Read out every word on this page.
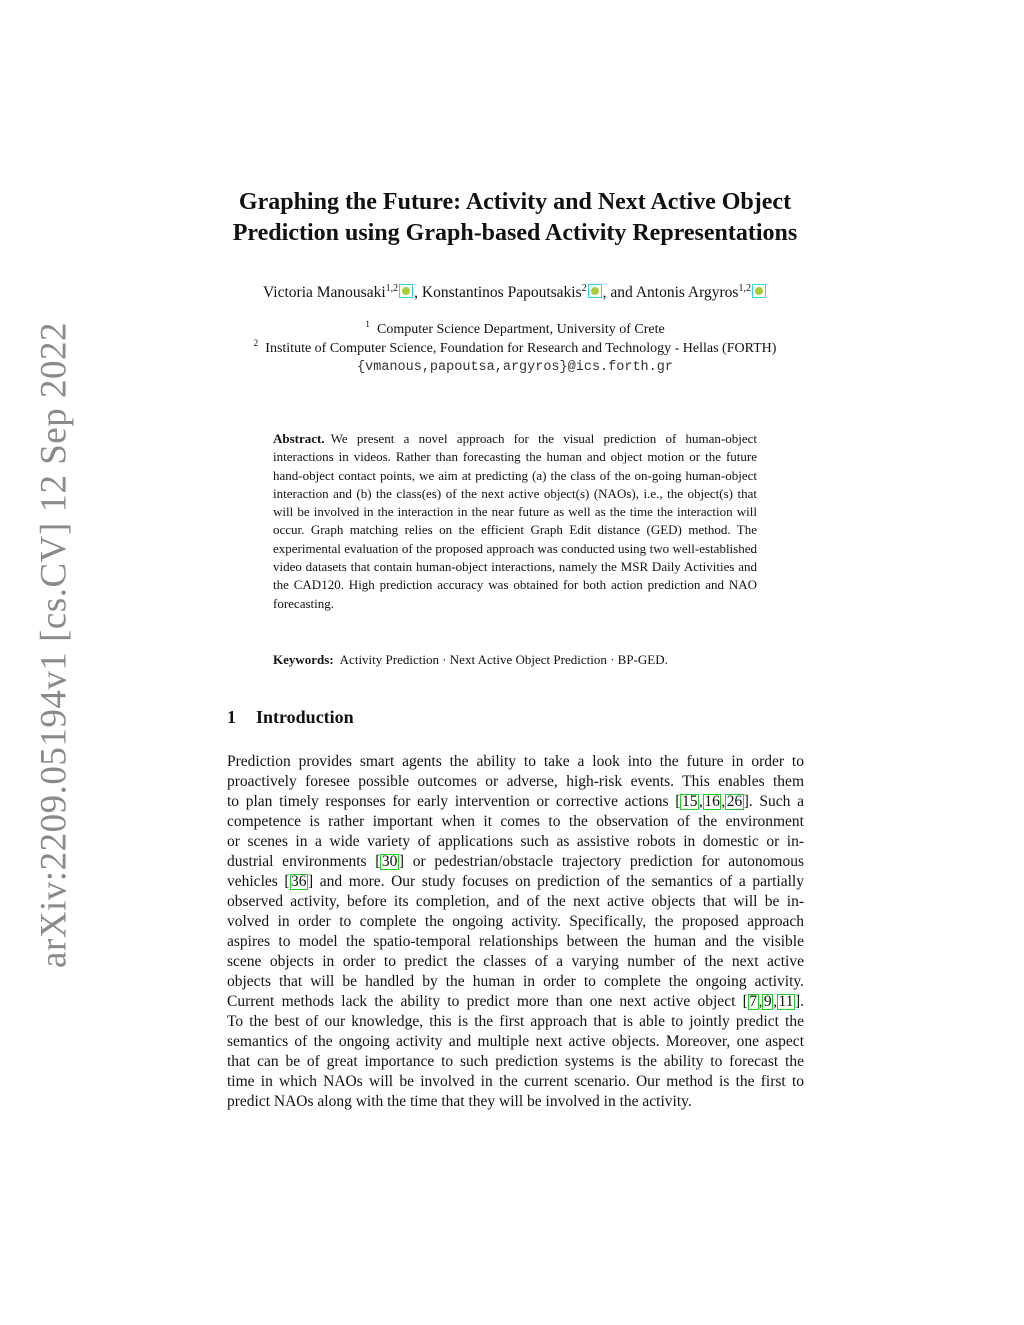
arXiv:2209.05194v1 [cs.CV] 12 Sep 2022
Graphing the Future: Activity and Next Active Object
Prediction using Graph-based Activity Representations
Victoria Manousaki$^{1,2}$ , Konstantinos Papoutsakis$^2$ , and Antonis Argyros$^{1,2}$
$^1$ Computer Science Department, University of Crete
$^2$ Institute of Computer Science, Foundation for Research and Technology - Hellas (FORTH)
{vmanous,papoutsa,argyros}@ics.forth.gr
Abstract. We present a novel approach for the visual prediction of human-object interactions in videos. Rather than forecasting the human and object motion or the future hand-object contact points, we aim at predicting (a) the class of the on-going human-object interaction and (b) the class(es) of the next active object(s) (NAOs), i.e., the object(s) that will be involved in the interaction in the near future as well as the time the interaction will occur. Graph matching relies on the efficient Graph Edit distance (GED) method. The experimental evaluation of the proposed approach was conducted using two well-established video datasets that contain human-object interactions, namely the MSR Daily Activities and the CAD120. High prediction accuracy was obtained for both action prediction and NAO forecasting.
Keywords: Activity Prediction · Next Active Object Prediction · BP-GED.
1 Introduction
Prediction provides smart agents the ability to take a look into the future in order to
proactively foresee possible outcomes or adverse, high-risk events. This enables them
to plan timely responses for early intervention or corrective actions [15,16,26]. Such a
competence is rather important when it comes to the observation of the environment
or scenes in a wide variety of applications such as assistive robots in domestic or in-
dustrial environments [30] or pedestrian/obstacle trajectory prediction for autonomous
vehicles [36] and more. Our study focuses on prediction of the semantics of a partially
observed activity, before its completion, and of the next active objects that will be in-
volved in order to complete the ongoing activity. Specifically, the proposed approach
aspires to model the spatio-temporal relationships between the human and the visible
scene objects in order to predict the classes of a varying number of the next active
objects that will be handled by the human in order to complete the ongoing activity.
Current methods lack the ability to predict more than one next active object [7,9,11].
To the best of our knowledge, this is the first approach that is able to jointly predict the
semantics of the ongoing activity and multiple next active objects. Moreover, one aspect
that can be of great importance to such prediction systems is the ability to forecast the
time in which NAOs will be involved in the current scenario. Our method is the first to
predict NAOs along with the time that they will be involved in the activity.
